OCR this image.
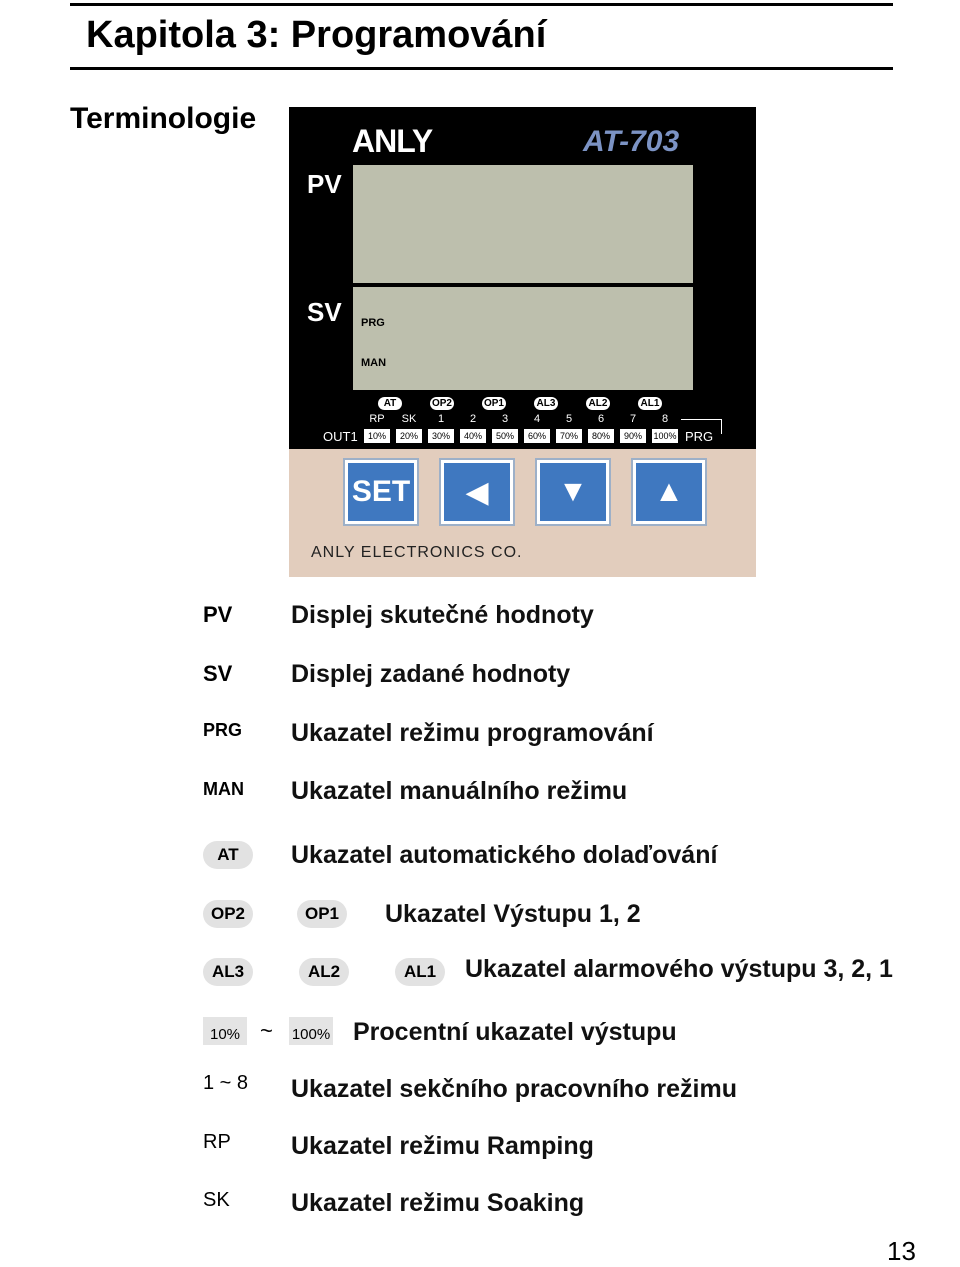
Kapitola 3: Programování
Terminologie
ANLY	AT-703
PV
SV PRG
MAN
AT	OP2	OP1	AL3	AL2	AL1
RP	SK	1	2	3	4	5	6	7	8
OUT1	10%	20%	30%	40%	50%	60%	70%	80%	90%	100% PRG
SET ◀ ▼ ▲
ANLY ELECTRONICS CO.
PV Displej skutečné hodnoty
SV Displej zadané hodnoty
PRG Ukazatel režimu programování
MAN Ukazatel manuálního režimu
AT	Ukazatel automatického dolaďování
OP2	OP1	Ukazatel Výstupu 1, 2
AL3	AL2	AL1	Ukazatel alarmového výstupu 3, 2, 1
10% ~ 100% Procentní ukazatel výstupu
1 ~ 8 Ukazatel sekčního pracovního režimu
RP Ukazatel režimu Ramping
SK Ukazatel režimu Soaking
13
